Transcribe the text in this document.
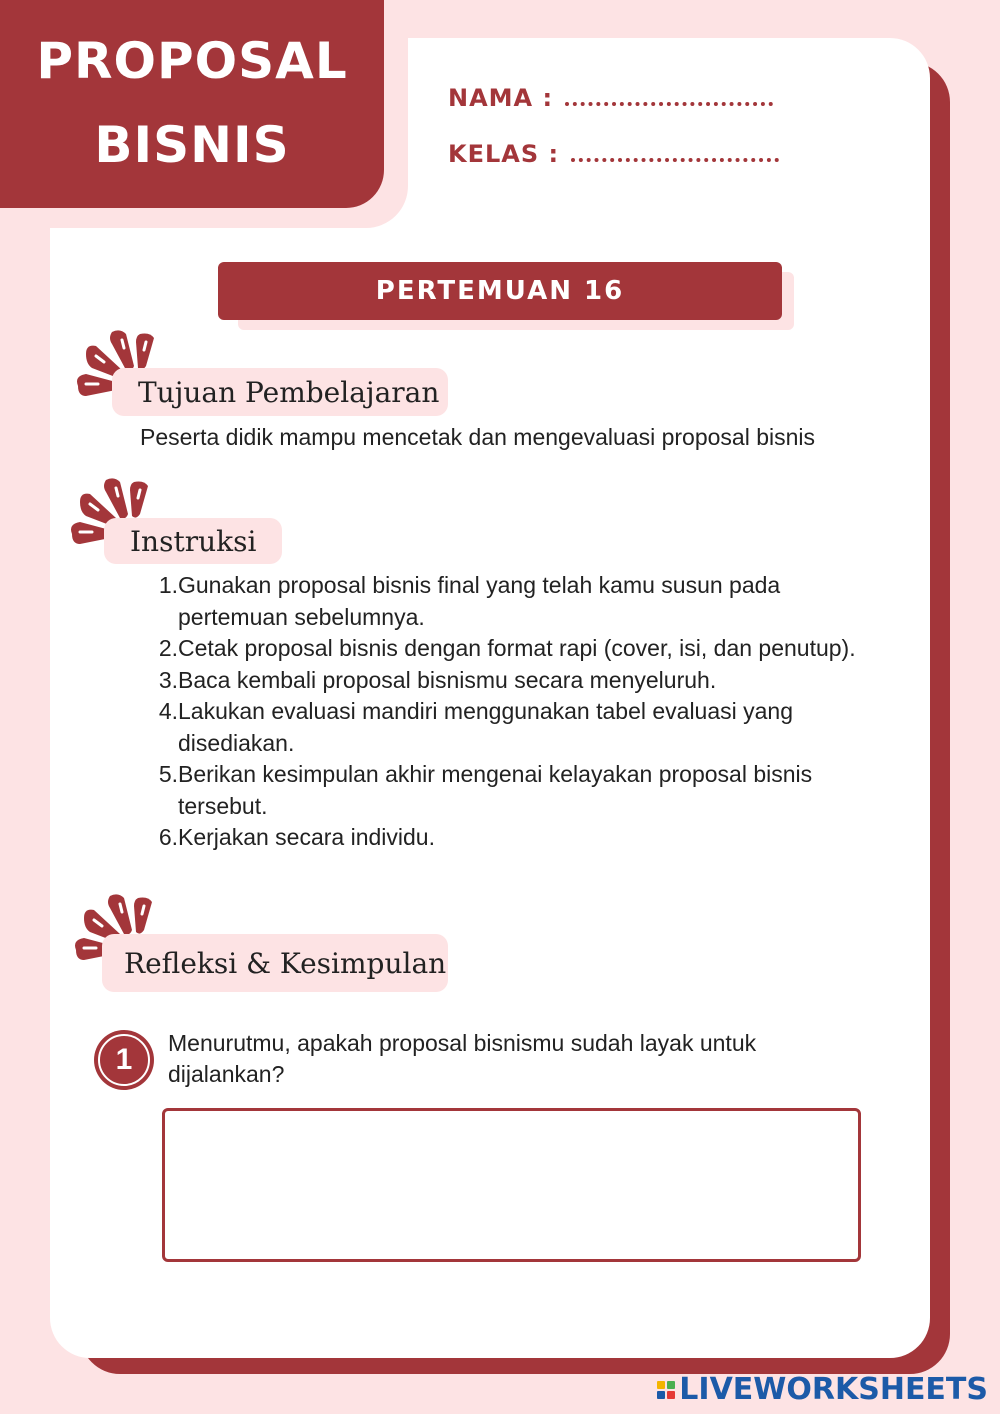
PROPOSAL
BISNIS
NAMA :
KELAS :
PERTEMUAN 16
Tujuan Pembelajaran
Peserta didik mampu mencetak dan mengevaluasi proposal bisnis
Instruksi
1. Gunakan proposal bisnis final yang telah kamu susun pada pertemuan sebelumnya.
2. Cetak proposal bisnis dengan format rapi (cover, isi, dan penutup).
3. Baca kembali proposal bisnismu secara menyeluruh.
4. Lakukan evaluasi mandiri menggunakan tabel evaluasi yang disediakan.
5. Berikan kesimpulan akhir mengenai kelayakan proposal bisnis tersebut.
6. Kerjakan secara individu.
Refleksi & Kesimpulan
1	Menurutmu, apakah proposal bisnismu sudah layak untuk dijalankan?
LIVEWORKSHEETS
